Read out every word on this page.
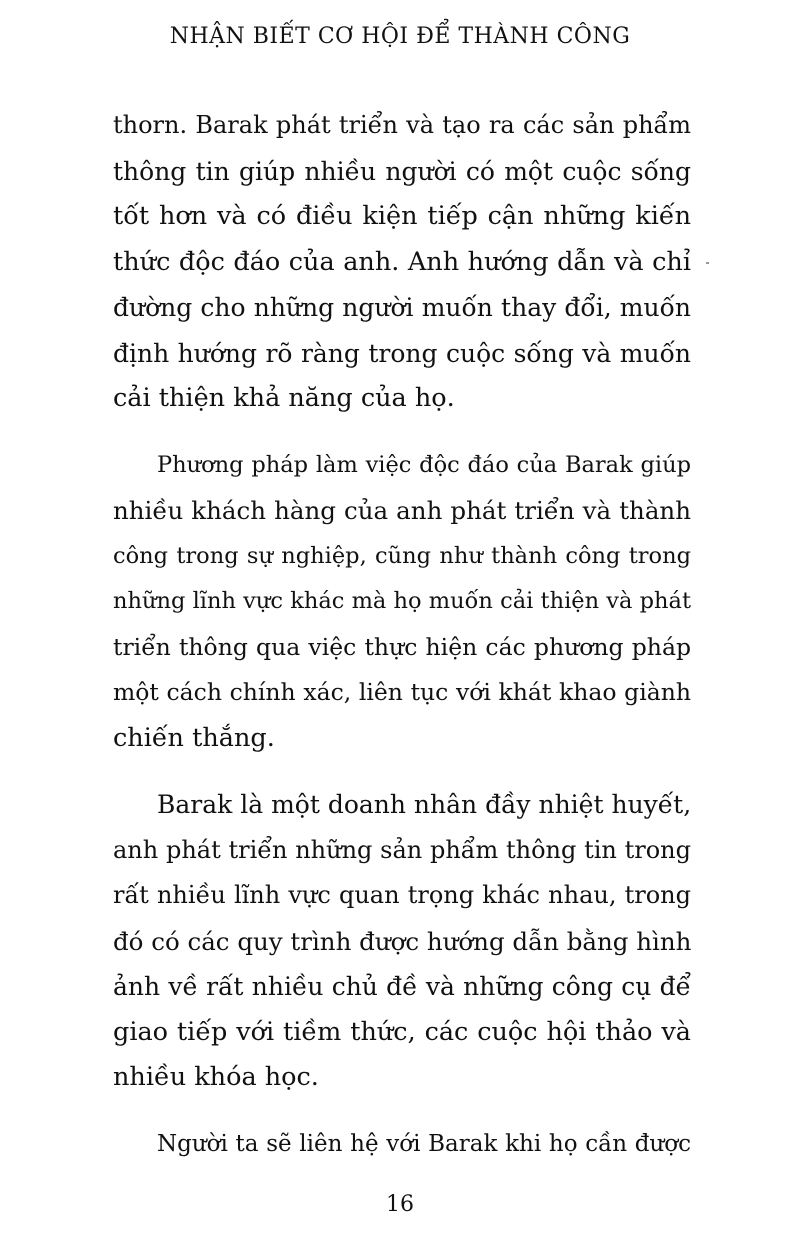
NHẬN BIẾT CƠ HỘI ĐỂ THÀNH CÔNG
thorn. Barak phát triển và tạo ra các sản phẩm
thông tin giúp nhiều người có một cuộc sống
tốt hơn và có điều kiện tiếp cận những kiến
thức độc đáo của anh. Anh hướng dẫn và chỉ
đường cho những người muốn thay đổi, muốn
định hướng rõ ràng trong cuộc sống và muốn
cải thiện khả năng của họ.
Phương pháp làm việc độc đáo của Barak giúp
nhiều khách hàng của anh phát triển và thành
công trong sự nghiệp, cũng như thành công trong
những lĩnh vực khác mà họ muốn cải thiện và phát
triển thông qua việc thực hiện các phương pháp
một cách chính xác, liên tục với khát khao giành
chiến thắng.
Barak là một doanh nhân đầy nhiệt huyết,
anh phát triển những sản phẩm thông tin trong
rất nhiều lĩnh vực quan trọng khác nhau, trong
đó có các quy trình được hướng dẫn bằng hình
ảnh về rất nhiều chủ đề và những công cụ để
giao tiếp với tiềm thức, các cuộc hội thảo và
nhiều khóa học.
Người ta sẽ liên hệ với Barak khi họ cần được
16
